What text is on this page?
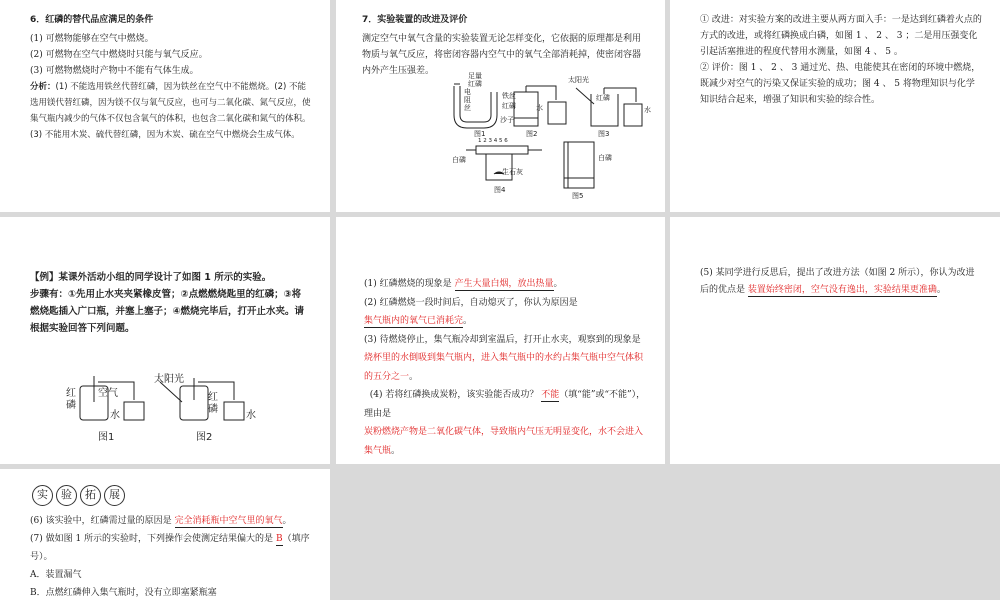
6．红磷的替代品应满足的条件

(1) 可燃物能够在空气中燃烧。

(2) 可燃物在空气中燃烧时只能与氧气反应。

(3) 可燃物燃烧时产物中不能有气体生成。

分析：(1) 不能选用铁丝代替红磷，因为铁丝在空气中不能燃烧。(2) 不能选用镁代替红磷，因为镁不仅与氧气反应，也可与二氧化碳、氮气反应，使集气瓶内减少的气体不仅包含氧气的体积，也包含二氧化碳和氮气的体积。(3) 不能用木炭、硫代替红磷，因为木炭、硫在空气中燃烧会生成气体。

7．实验装置的改进及评价

测定空气中氧气含量的实验装置无论怎样变化，它依据的原理都是利用物质与氧气反应，将密闭容器内空气中的氧气全部消耗掉，使密闭容器内外产生压强差。	足量
红磷
电
阻
丝
铁丝
红磷	水
沙子
太阳光
红磷
水
1 2 3 4 5 6
白磷
生石灰
白磷
图1	图2	图3
图4
图5

① 改进：对实验方案的改进主要从两方面入手：一是达到红磷着火点的方式的改进，或将红磷换成白磷，如图 1 、 2 、 3 ；二是用压强变化引起活塞推进的程度代替用水测量，如图 4 、 5 。

② 评价：图 1 、 2 、 3 通过光、热、电能使其在密闭的环境中燃烧，既减少对空气的污染又保证实验的成功；图 4 、 5 将物理知识与化学知识结合起来，增强了知识和实验的综合性。

【例】某课外活动小组的同学设计了如图 1 所示的实验。

步骤有：①先用止水夹夹紧橡皮管；②点燃燃烧匙里的红磷；③将燃烧匙插入广口瓶，并塞上塞子；④燃烧完毕后，打开止水夹。请根据实验回答下列问题。

红
磷
空气
水
太阳光
红
磷
水
图1	图2

(1) 红磷燃烧的现象是 产生大量白烟，放出热量。

(2) 红磷燃烧一段时间后，自动熄灭了，你认为原因是 集气瓶内的氧气已消耗完。

(3) 待燃烧停止，集气瓶冷却到室温后，打开止水夹，观察到的现象是 烧杯里的水倒吸到集气瓶内，进入集气瓶中的水约占集气瓶中空气体积的五分之一。

(4) 若将红磷换成炭粉，该实验能否成功？ 不能（填“能”或“不能”），理由是

炭粉燃烧产物是二氧化碳气体，导致瓶内气压无明显变化，水不会进入集气瓶。

(5) 某同学进行反思后，提出了改进方法（如图 2 所示），你认为改进后的优点是 装置始终密闭，空气没有逸出，实验结果更准确。

实	验	拓	展

(6) 该实验中，红磷需过量的原因是 完全消耗瓶中空气里的氧气。

(7) 做如图 1 所示的实验时，下列操作会使测定结果偏大的是 B（填序号）。

A．装置漏气

B．点燃红磷伸入集气瓶时，没有立即塞紧瓶塞
